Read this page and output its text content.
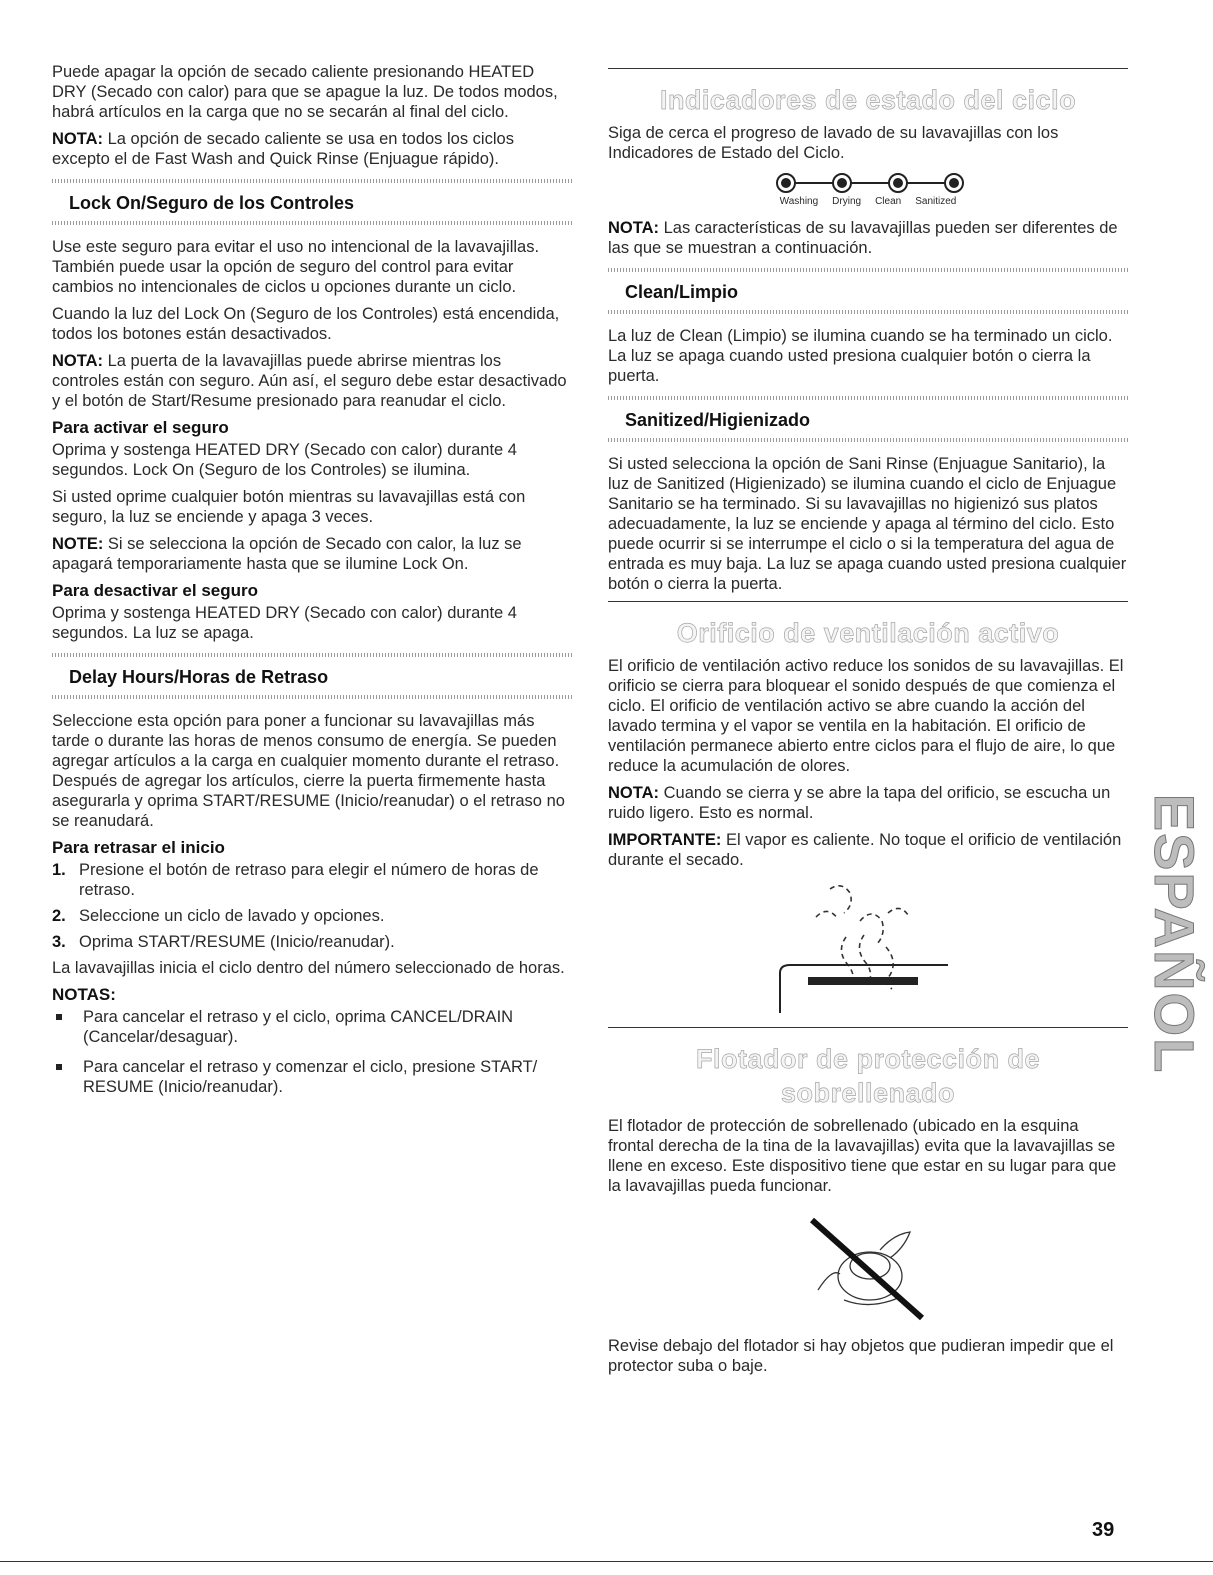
Puede apagar la opción de secado caliente presionando HEATED DRY (Secado con calor) para que se apague la luz. De todos modos, habrá artículos en la carga que no se secarán al final del ciclo.

NOTA: La opción de secado caliente se usa en todos los ciclos excepto el de Fast Wash and Quick Rinse (Enjuague rápido).

Lock On/Seguro de los Controles

Use este seguro para evitar el uso no intencional de la lavavajillas. También puede usar la opción de seguro del control para evitar cambios no intencionales de ciclos u opciones durante un ciclo.

Cuando la luz del Lock On (Seguro de los Controles) está encendida, todos los botones están desactivados.

NOTA: La puerta de la lavavajillas puede abrirse mientras los controles están con seguro. Aún así, el seguro debe estar desactivado y el botón de Start/Resume presionado para reanudar el ciclo.

Para activar el seguro

Oprima y sostenga HEATED DRY (Secado con calor) durante 4 segundos. Lock On (Seguro de los Controles) se ilumina.

Si usted oprime cualquier botón mientras su lavavajillas está con seguro, la luz se enciende y apaga 3 veces.

NOTE: Si se selecciona la opción de Secado con calor, la luz se apagará temporariamente hasta que se ilumine Lock On.

Para desactivar el seguro

Oprima y sostenga HEATED DRY (Secado con calor) durante 4 segundos. La luz se apaga.

Delay Hours/Horas de Retraso

Seleccione esta opción para poner a funcionar su lavavajillas más tarde o durante las horas de menos consumo de energía. Se pueden agregar artículos a la carga en cualquier momento durante el retraso. Después de agregar los artículos, cierre la puerta firmemente hasta asegurarla y oprima START/RESUME (Inicio/reanudar) o el retraso no se reanudará.

Para retrasar el inicio
1. Presione el botón de retraso para elegir el número de horas de retraso.
2. Seleccione un ciclo de lavado y opciones.
3. Oprima START/RESUME (Inicio/reanudar).

La lavavajillas inicia el ciclo dentro del número seleccionado de horas.

NOTAS:
Para cancelar el retraso y el ciclo, oprima CANCEL/DRAIN (Cancelar/desaguar).
Para cancelar el retraso y comenzar el ciclo, presione START/ RESUME (Inicio/reanudar).
Indicadores de estado del ciclo

Siga de cerca el progreso de lavado de su lavavajillas con los Indicadores de Estado del Ciclo.

Washing Drying Clean Sanitized

NOTA: Las características de su lavavajillas pueden ser diferentes de las que se muestran a continuación.

Clean/Limpio

La luz de Clean (Limpio) se ilumina cuando se ha terminado un ciclo. La luz se apaga cuando usted presiona cualquier botón o cierra la puerta.

Sanitized/Higienizado

Si usted selecciona la opción de Sani Rinse (Enjuague Sanitario), la luz de Sanitized (Higienizado) se ilumina cuando el ciclo de Enjuague Sanitario se ha terminado. Si su lavavajillas no higienizó sus platos adecuadamente, la luz se enciende y apaga al término del ciclo. Esto puede ocurrir si se interrumpe el ciclo o si la temperatura del agua de entrada es muy baja. La luz se apaga cuando usted presiona cualquier botón o cierra la puerta.

Orificio de ventilación activo

El orificio de ventilación activo reduce los sonidos de su lavavajillas. El orificio se cierra para bloquear el sonido después de que comienza el ciclo. El orificio de ventilación activo se abre cuando la acción del lavado termina y el vapor se ventila en la habitación. El orificio de ventilación permanece abierto entre ciclos para el flujo de aire, lo que reduce la acumulación de olores.

NOTA: Cuando se cierra y se abre la tapa del orificio, se escucha un ruido ligero. Esto es normal.

IMPORTANTE: El vapor es caliente. No toque el orificio de ventilación durante el secado.

Flotador de protección de sobrellenado

El flotador de protección de sobrellenado (ubicado en la esquina frontal derecha de la tina de la lavavajillas) evita que la lavavajillas se llene en exceso. Este dispositivo tiene que estar en su lugar para que la lavavajillas pueda funcionar.

Revise debajo del flotador si hay objetos que pudieran impedir que el protector suba o baje.

ESPAÑOL
39
